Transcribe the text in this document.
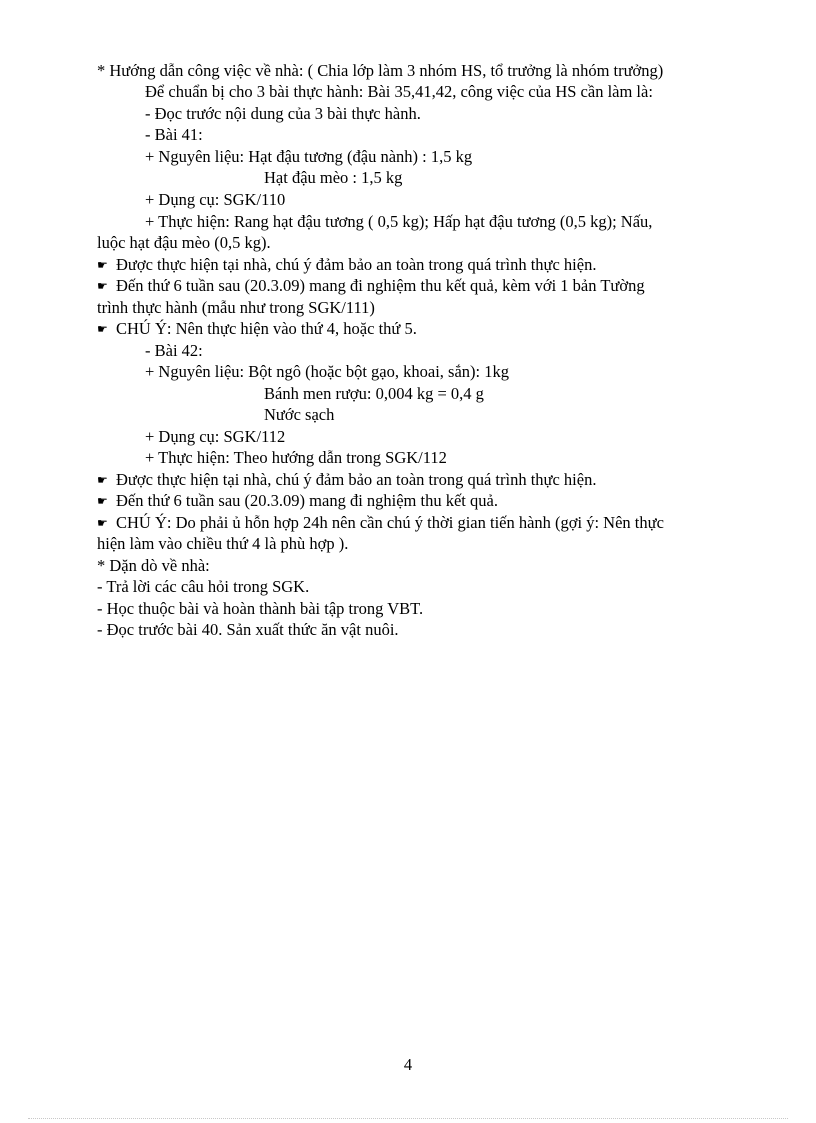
* Hướng dẫn công việc về nhà: ( Chia lớp làm 3 nhóm HS, tổ trưởng là nhóm trưởng)
Để chuẩn bị cho 3 bài thực hành: Bài 35,41,42, công việc của HS cần làm là:
- Đọc trước nội dung của 3 bài thực hành.
- Bài 41:
+ Nguyên liệu: Hạt đậu tương (đậu nành) : 1,5 kg
Hạt đậu mèo : 1,5 kg
+ Dụng cụ: SGK/110
+ Thực hiện: Rang hạt đậu tương ( 0,5 kg); Hấp hạt đậu tương (0,5 kg); Nấu,
luộc hạt đậu mèo (0,5 kg).
☛ Được thực hiện tại nhà, chú ý đảm bảo an toàn trong quá trình thực hiện.
☛ Đến thứ 6 tuần sau (20.3.09) mang đi nghiệm thu kết quả, kèm với 1 bản Tường
trình thực hành (mẫu như trong SGK/111)
☛ CHÚ Ý: Nên thực hiện vào thứ 4, hoặc thứ 5.
- Bài 42:
+ Nguyên liệu: Bột ngô (hoặc bột gạo, khoai, sắn): 1kg
Bánh men rượu: 0,004 kg = 0,4 g
Nước sạch
+ Dụng cụ: SGK/112
+ Thực hiện: Theo hướng dẫn trong SGK/112
☛ Được thực hiện tại nhà, chú ý đảm bảo an toàn trong quá trình thực hiện.
☛ Đến thứ 6 tuần sau (20.3.09) mang đi nghiệm thu kết quả.
☛ CHÚ Ý: Do phải ủ hỗn hợp 24h nên cần chú ý thời gian tiến hành (gợi ý: Nên thực
hiện làm vào chiều thứ 4 là phù hợp ).
* Dặn dò về nhà:
- Trả lời các câu hỏi trong SGK.
- Học thuộc bài và hoàn thành bài tập trong VBT.
- Đọc trước bài 40. Sản xuất thức ăn vật nuôi.
4
